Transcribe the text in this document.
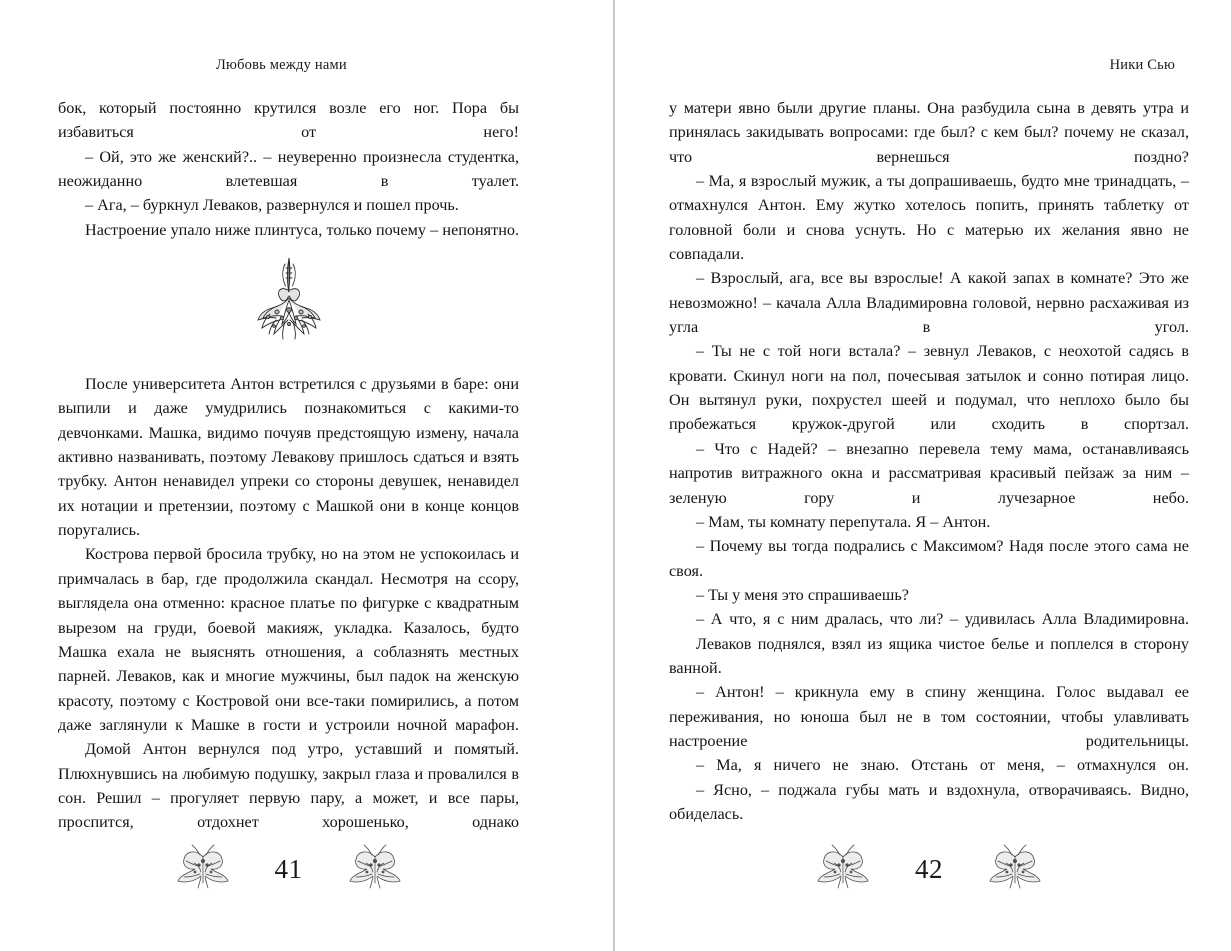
Любовь между нами

бок, который постоянно крутился возле его ног. Пора бы избавиться от него!

– Ой, это же женский?.. – неуверенно произнесла студентка, неожиданно влетевшая в туалет.

– Ага, – буркнул Леваков, развернулся и пошел прочь.

Настроение упало ниже плинтуса, только почему – непонятно.

После университета Антон встретился с друзьями в баре: они выпили и даже умудрились познакомиться с какими-то девчонками. Машка, видимо почуяв предстоящую измену, начала активно названивать, поэтому Левакову пришлось сдаться и взять трубку. Антон ненавидел упреки со стороны девушек, ненавидел их нотации и претензии, поэтому с Машкой они в конце концов поругались.

Кострова первой бросила трубку, но на этом не успокоилась и примчалась в бар, где продолжила скандал. Несмотря на ссору, выглядела она отменно: красное платье по фигурке с квадратным вырезом на груди, боевой макияж, укладка. Казалось, будто Машка ехала не выяснять отношения, а соблазнять местных парней. Леваков, как и многие мужчины, был падок на женскую красоту, поэтому с Костровой они все-таки помирились, а потом даже заглянули к Машке в гости и устроили ночной марафон.

Домой Антон вернулся под утро, уставший и помятый. Плюхнувшись на любимую подушку, закрыл глаза и провалился в сон. Решил – прогуляет первую пару, а может, и все пары, проспится, отдохнет хорошенько, однако

41
Ники Сью

у матери явно были другие планы. Она разбудила сына в девять утра и принялась закидывать вопросами: где был? с кем был? почему не сказал, что вернешься поздно?

– Ма, я взрослый мужик, а ты допрашиваешь, будто мне тринадцать, – отмахнулся Антон. Ему жутко хотелось попить, принять таблетку от головной боли и снова уснуть. Но с матерью их желания явно не совпадали.

– Взрослый, ага, все вы взрослые! А какой запах в комнате? Это же невозможно! – качала Алла Владимировна головой, нервно расхаживая из угла в угол.

– Ты не с той ноги встала? – зевнул Леваков, с неохотой садясь в кровати. Скинул ноги на пол, почесывая затылок и сонно потирая лицо. Он вытянул руки, похрустел шеей и подумал, что неплохо было бы пробежаться кружок-другой или сходить в спортзал.

– Что с Надей? – внезапно перевела тему мама, останавливаясь напротив витражного окна и рассматривая красивый пейзаж за ним – зеленую гору и лучезарное небо.

– Мам, ты комнату перепутала. Я – Антон.

– Почему вы тогда подрались с Максимом? Надя после этого сама не своя.

– Ты у меня это спрашиваешь?

– А что, я с ним дралась, что ли? – удивилась Алла Владимировна.

Леваков поднялся, взял из ящика чистое белье и поплелся в сторону ванной.

– Антон! – крикнула ему в спину женщина. Голос выдавал ее переживания, но юноша был не в том состоянии, чтобы улавливать настроение родительницы.

– Ма, я ничего не знаю. Отстань от меня, – отмахнулся он.

– Ясно, – поджала губы мать и вздохнула, отворачиваясь. Видно, обиделась.

42
